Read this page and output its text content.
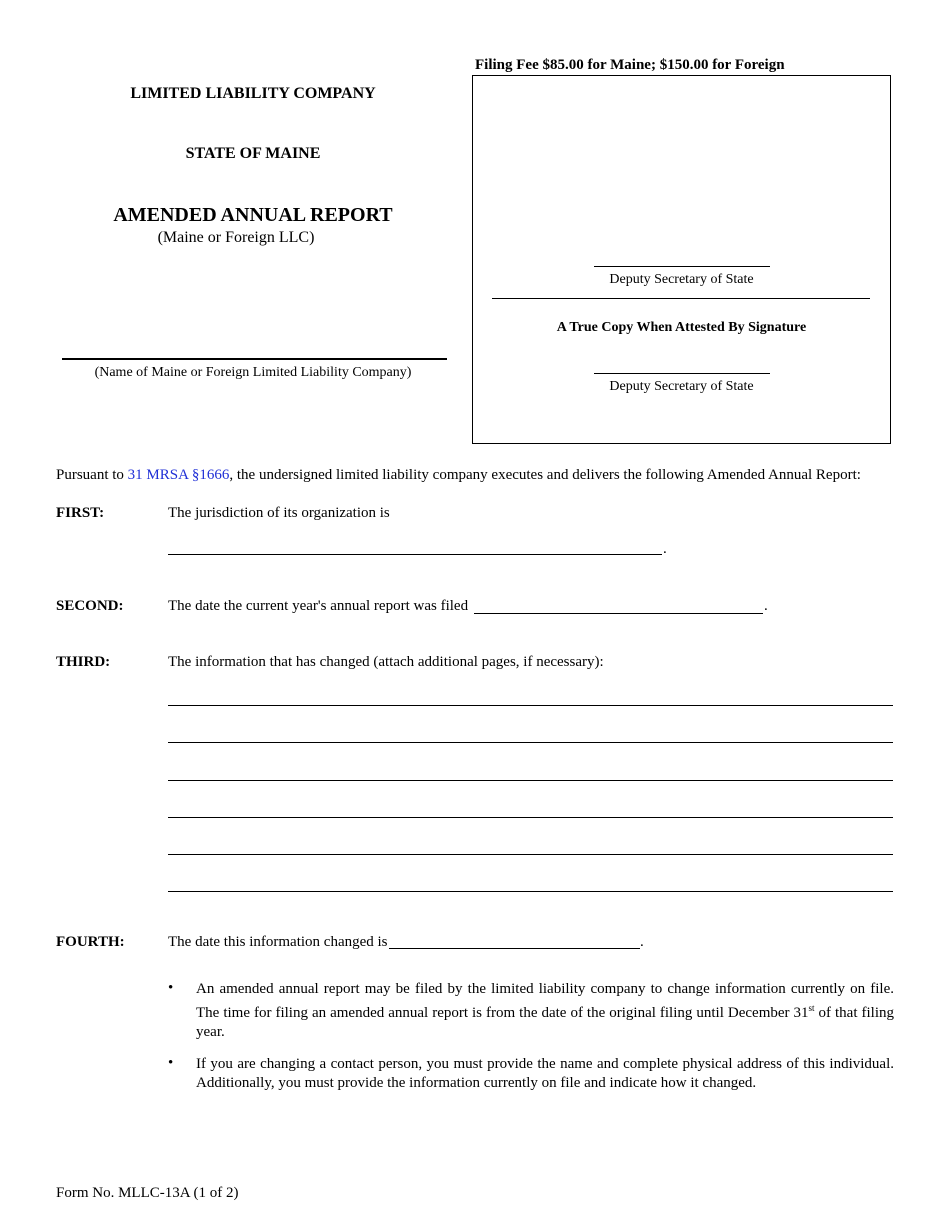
LIMITED LIABILITY COMPANY
STATE OF MAINE
AMENDED ANNUAL REPORT
(Maine or Foreign LLC)
(Name of Maine or Foreign Limited Liability Company)
Filing Fee $85.00 for Maine; $150.00 for Foreign
Deputy Secretary of State
A True Copy When Attested By Signature
Deputy Secretary of State
Pursuant to 31 MRSA §1666, the undersigned limited liability company executes and delivers the following Amended Annual Report:
FIRST:	The jurisdiction of its organization is
.
SECOND:	The date the current year's annual report was filed	.
THIRD:	The information that has changed (attach additional pages, if necessary):
FOURTH:	The date this information changed is	.
• An amended annual report may be filed by the limited liability company to change information currently on file. The time for filing an amended annual report is from the date of the original filing until December 31st of that filing year.
• If you are changing a contact person, you must provide the name and complete physical address of this individual. Additionally, you must provide the information currently on file and indicate how it changed.
Form No. MLLC-13A (1 of 2)
